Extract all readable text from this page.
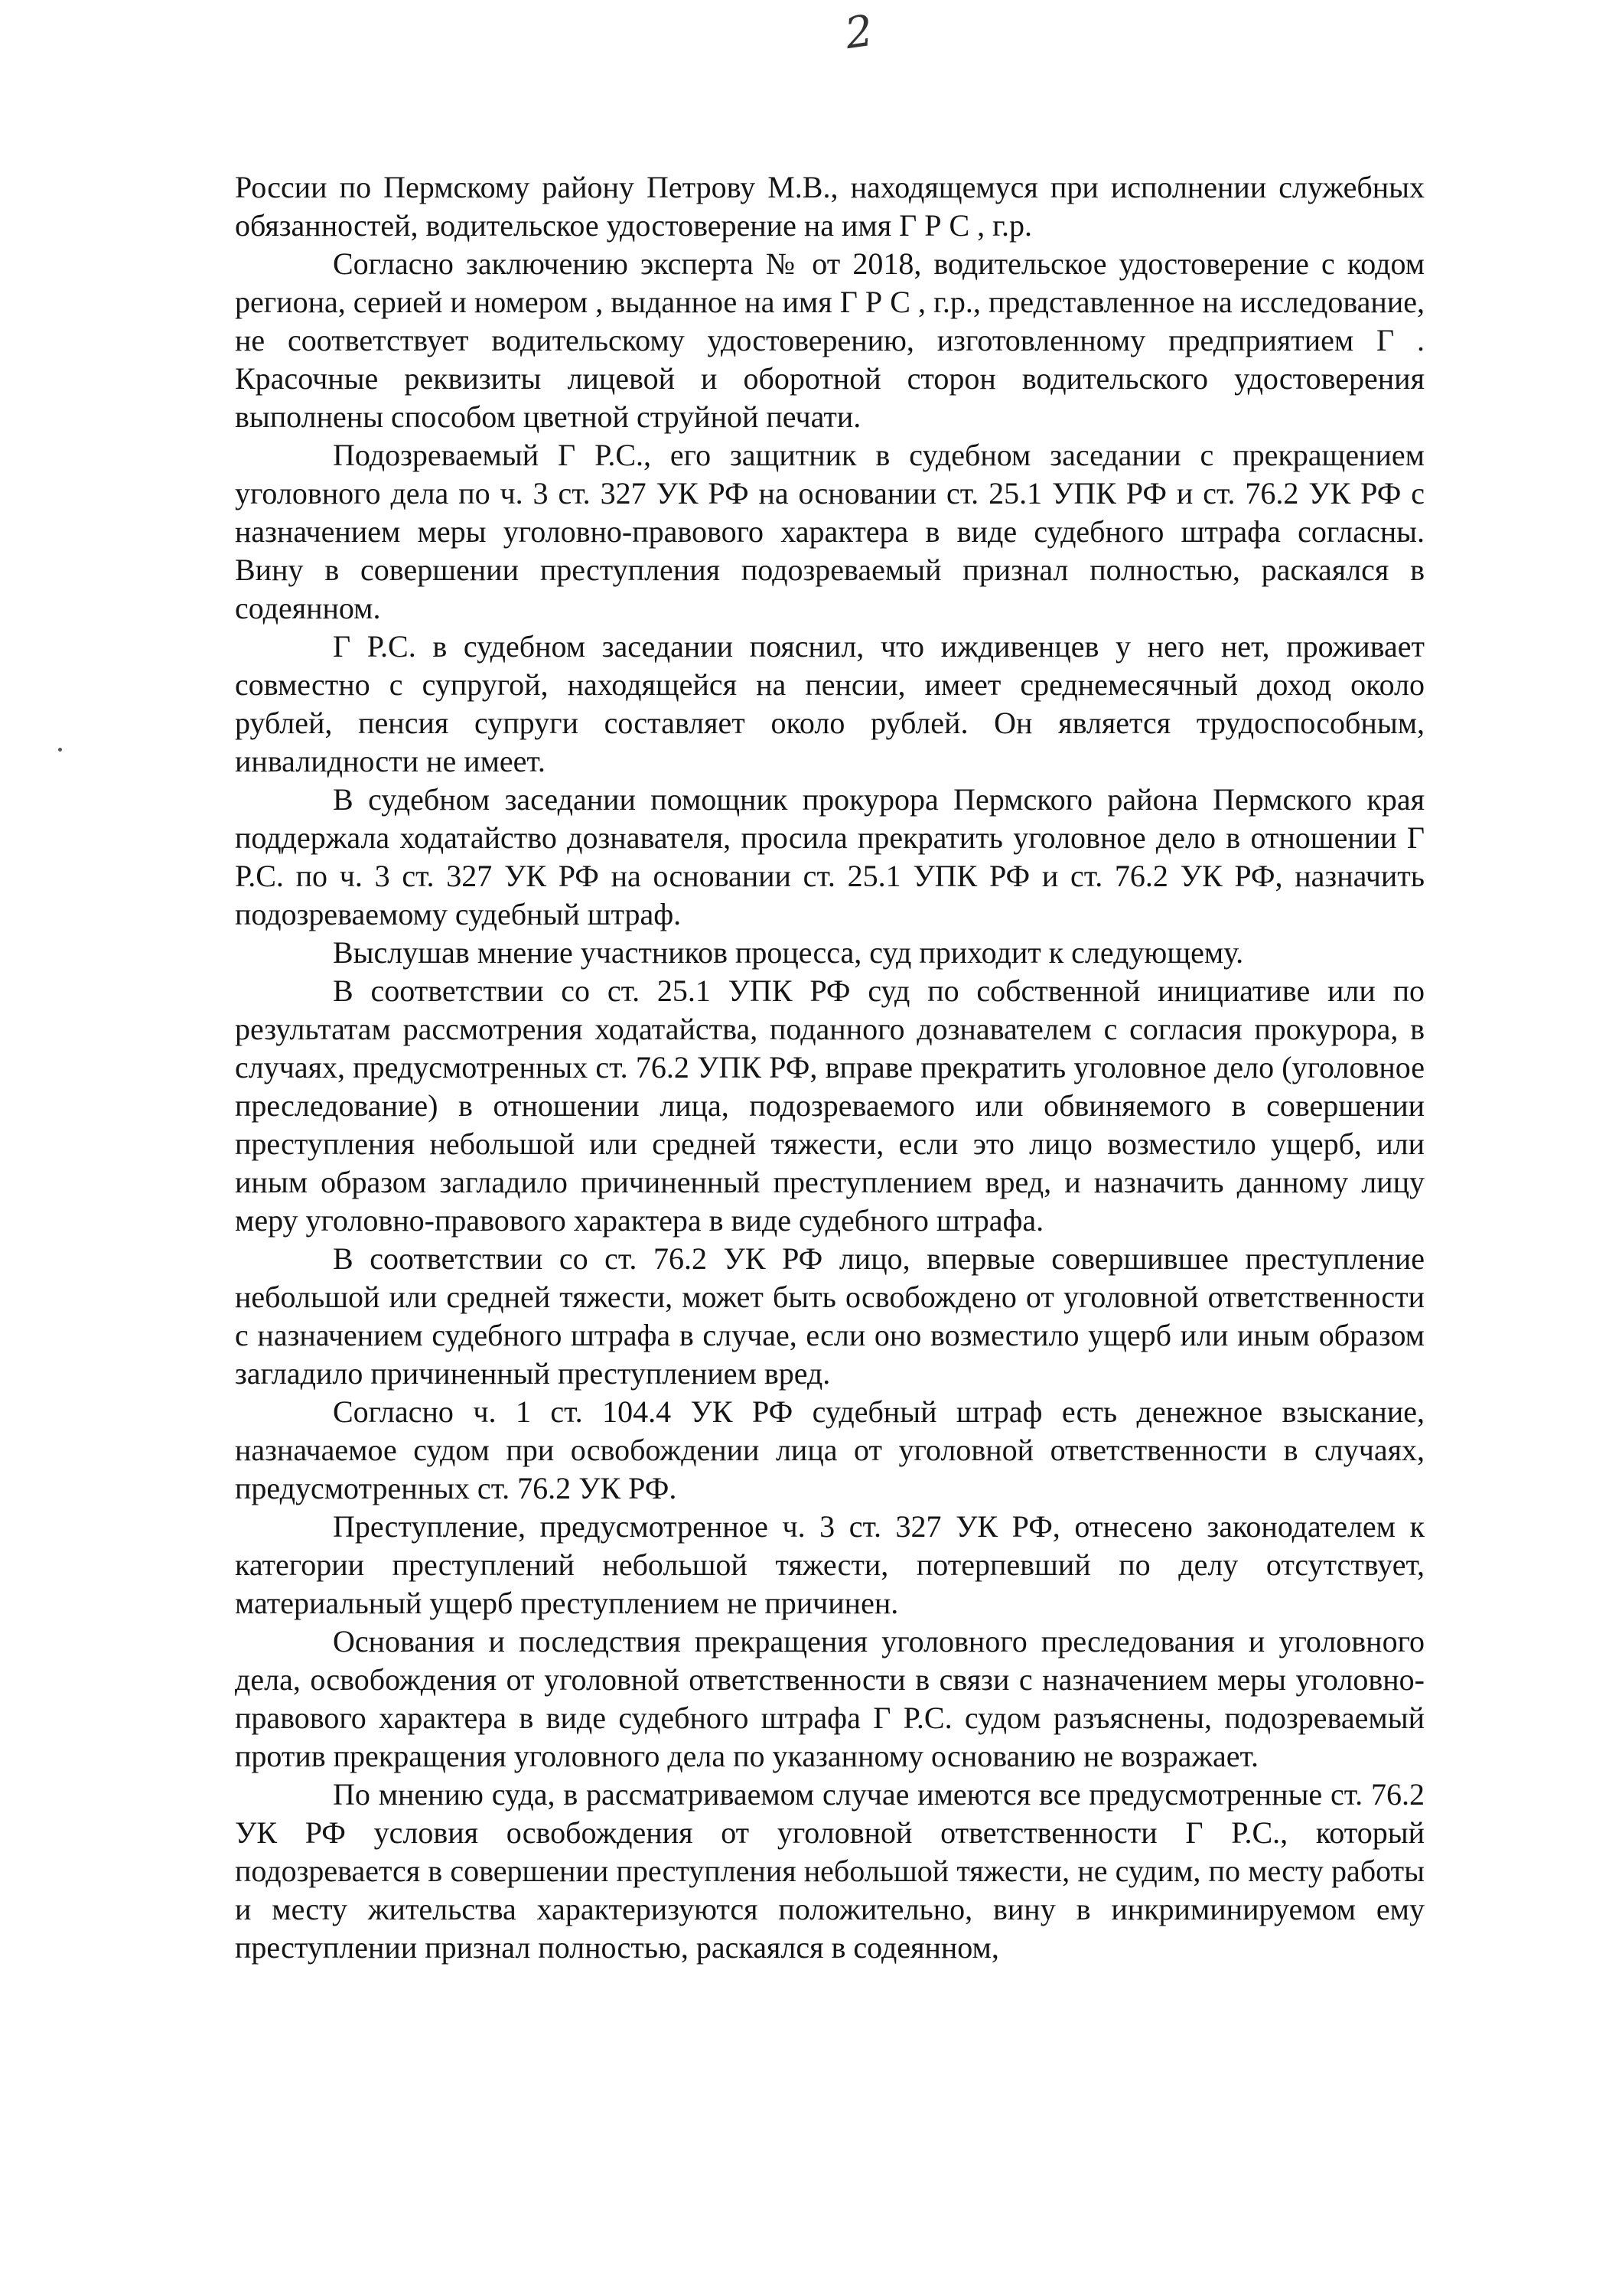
2

России по Пермскому району Петрову М.В., находящемуся при исполнении служебных обязанностей, водительское удостоверение на имя Г Р С , г.р.

Согласно заключению эксперта № от 2018, водительское удостоверение с кодом региона, серией и номером , выданное на имя Г Р С , г.р., представленное на исследование, не соответствует водительскому удостоверению, изготовленному предприятием Г . Красочные реквизиты лицевой и оборотной сторон водительского удостоверения выполнены способом цветной струйной печати.

Подозреваемый Г Р.С., его защитник в судебном заседании с прекращением уголовного дела по ч. 3 ст. 327 УК РФ на основании ст. 25.1 УПК РФ и ст. 76.2 УК РФ с назначением меры уголовно-правового характера в виде судебного штрафа согласны. Вину в совершении преступления подозреваемый признал полностью, раскаялся в содеянном.

Г Р.С. в судебном заседании пояснил, что иждивенцев у него нет, проживает совместно с супругой, находящейся на пенсии, имеет среднемесячный доход около рублей, пенсия супруги составляет около рублей. Он является трудоспособным, инвалидности не имеет.

В судебном заседании помощник прокурора Пермского района Пермского края поддержала ходатайство дознавателя, просила прекратить уголовное дело в отношении Г Р.С. по ч. 3 ст. 327 УК РФ на основании ст. 25.1 УПК РФ и ст. 76.2 УК РФ, назначить подозреваемому судебный штраф.

Выслушав мнение участников процесса, суд приходит к следующему.

В соответствии со ст. 25.1 УПК РФ суд по собственной инициативе или по результатам рассмотрения ходатайства, поданного дознавателем с согласия прокурора, в случаях, предусмотренных ст. 76.2 УПК РФ, вправе прекратить уголовное дело (уголовное преследование) в отношении лица, подозреваемого или обвиняемого в совершении преступления небольшой или средней тяжести, если это лицо возместило ущерб, или иным образом загладило причиненный преступлением вред, и назначить данному лицу меру уголовно-правового характера в виде судебного штрафа.

В соответствии со ст. 76.2 УК РФ лицо, впервые совершившее преступление небольшой или средней тяжести, может быть освобождено от уголовной ответственности с назначением судебного штрафа в случае, если оно возместило ущерб или иным образом загладило причиненный преступлением вред.

Согласно ч. 1 ст. 104.4 УК РФ судебный штраф есть денежное взыскание, назначаемое судом при освобождении лица от уголовной ответственности в случаях, предусмотренных ст. 76.2 УК РФ.

Преступление, предусмотренное ч. 3 ст. 327 УК РФ, отнесено законодателем к категории преступлений небольшой тяжести, потерпевший по делу отсутствует, материальный ущерб преступлением не причинен.

Основания и последствия прекращения уголовного преследования и уголовного дела, освобождения от уголовной ответственности в связи с назначением меры уголовно-правового характера в виде судебного штрафа Г Р.С. судом разъяснены, подозреваемый против прекращения уголовного дела по указанному основанию не возражает.

По мнению суда, в рассматриваемом случае имеются все предусмотренные ст. 76.2 УК РФ условия освобождения от уголовной ответственности Г Р.С., который подозревается в совершении преступления небольшой тяжести, не судим, по месту работы и месту жительства характеризуются положительно, вину в инкриминируемом ему преступлении признал полностью, раскаялся в содеянном,
